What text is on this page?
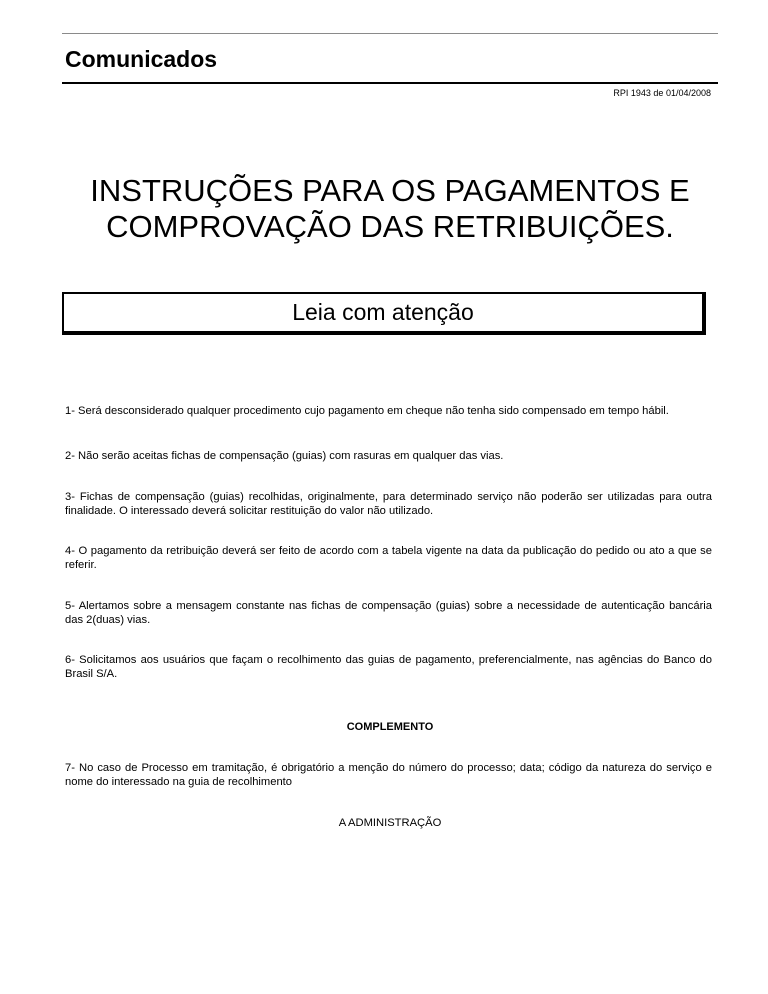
Comunicados
RPI 1943 de 01/04/2008
INSTRUÇÕES PARA OS PAGAMENTOS E
COMPROVAÇÃO DAS RETRIBUIÇÕES.
Leia com atenção

1- Será desconsiderado qualquer procedimento cujo pagamento em cheque não tenha sido compensado em tempo hábil.

2- Não serão aceitas fichas de compensação (guias) com rasuras em qualquer das vias.

3- Fichas de compensação (guias) recolhidas, originalmente, para determinado serviço não poderão ser utilizadas para outra finalidade. O interessado deverá solicitar restituição do valor não utilizado.

4- O pagamento da retribuição deverá ser feito de acordo com a tabela vigente na data da publicação do pedido ou ato a que se referir.

5- Alertamos sobre a mensagem constante nas fichas de compensação (guias) sobre a necessidade de autenticação bancária das 2(duas) vias.

6- Solicitamos aos usuários que façam o recolhimento das guias de pagamento, preferencialmente, nas agências do Banco do Brasil S/A.

COMPLEMENTO

7- No caso de Processo em tramitação, é obrigatório a menção do número do processo; data; código da natureza do serviço e nome do interessado na guia de recolhimento

A ADMINISTRAÇÃO
